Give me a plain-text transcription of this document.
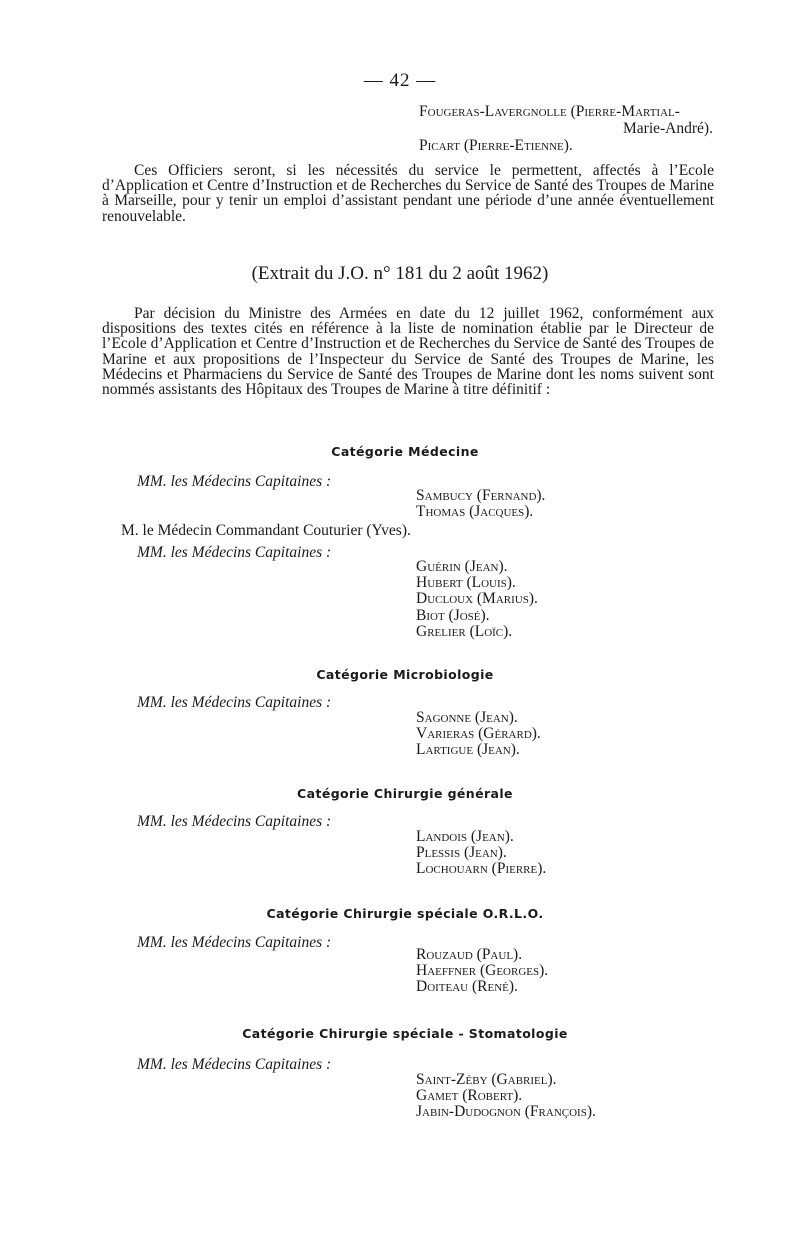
— 42 —
Fougeras-Lavergnolle (Pierre-Martial-
Marie-André).
Picart (Pierre-Etienne).
Ces Officiers seront, si les nécessités du service le permettent, affectés à l’Ecole d’Application et Centre d’Instruction et de Recherches du Service de Santé des Troupes de Marine à Marseille, pour y tenir un emploi d’assistant pendant une période d’une année éventuellement renouvelable.
(Extrait du J.O. n° 181 du 2 août 1962)
Par décision du Ministre des Armées en date du 12 juillet 1962, conformément aux dispositions des textes cités en référence à la liste de nomination établie par le Directeur de l’Ecole d’Application et Centre d’Instruction et de Recherches du Service de Santé des Troupes de Marine et aux propositions de l’Inspecteur du Service de Santé des Troupes de Marine, les Médecins et Pharmaciens du Service de Santé des Troupes de Marine dont les noms suivent sont nommés assistants des Hôpitaux des Troupes de Marine à titre définitif :
Catégorie Médecine
MM. les Médecins Capitaines :
Sambucy (Fernand).
Thomas (Jacques).
M. le Médecin Commandant Couturier (Yves).
MM. les Médecins Capitaines :
Guérin (Jean).
Hubert (Louis).
Ducloux (Marius).
Biot (José).
Grelier (Loïc).
Catégorie Microbiologie
MM. les Médecins Capitaines :
Sagonne (Jean).
Varieras (Gérard).
Lartigue (Jean).
Catégorie Chirurgie générale
MM. les Médecins Capitaines :
Landois (Jean).
Plessis (Jean).
Lochouarn (Pierre).
Catégorie Chirurgie spéciale O.R.L.O.
MM. les Médecins Capitaines :
Rouzaud (Paul).
Haeffner (Georges).
Doiteau (René).
Catégorie Chirurgie spéciale - Stomatologie
MM. les Médecins Capitaines :
Saint-Zéby (Gabriel).
Gamet (Robert).
Jabin-Dudognon (François).
